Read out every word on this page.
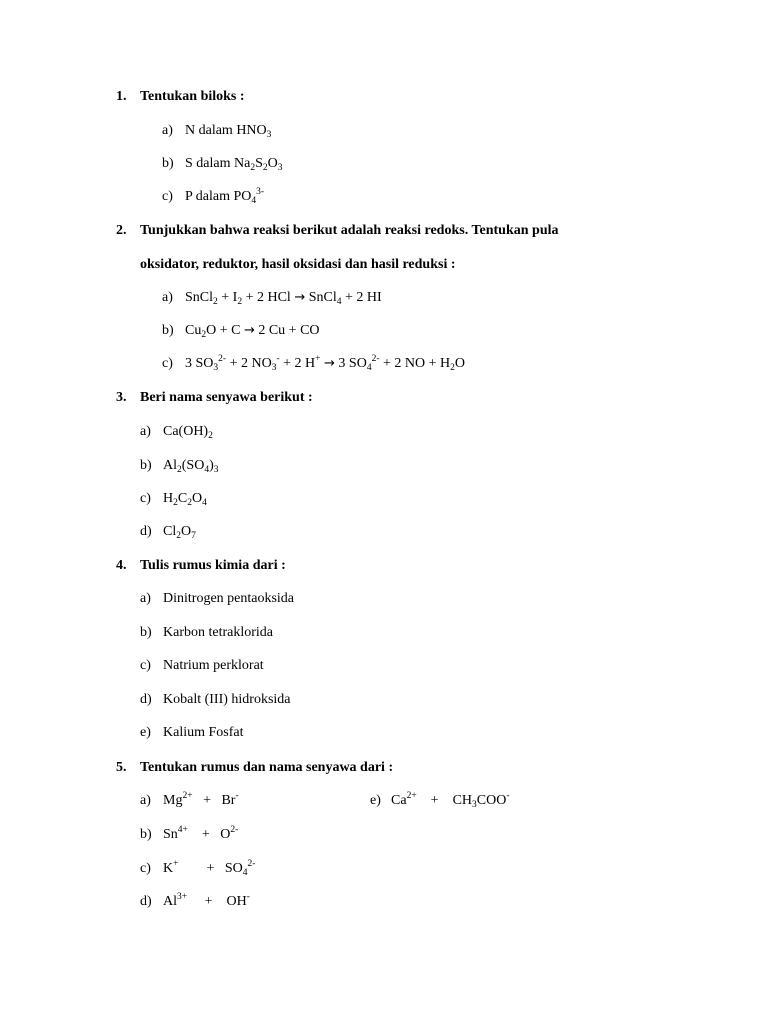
1. Tentukan biloks :
a) N dalam $HNO_3$
b) S dalam $Na_2S_2O_3$
c) P dalam $PO_4^{3-}$
2. Tunjukkan bahwa reaksi berikut adalah reaksi redoks. Tentukan pula
oksidator, reduktor, hasil oksidasi dan hasil reduksi :
a) SnCl$_2$ + $I_2 + 2$ HCl → SnCl$_4$ + 2 HI
b) $Cu_2O + C \to 2$ Cu + CO
c) 3 $SO_3^{2-} + 2$ $NO_3^- + 2$ H+ → 3 $SO_4^{2-} + 2$ NO + $H_2O$
3. Beri nama senyawa berikut :
a) $Ca(OH)_2$
b) $Al_2(SO_4)_3$
c) $H_2C_2O_4$
d) $Cl_2O_7$
4. Tulis rumus kimia dari :
a) Dinitrogen pentaoksida
b) Karbon tetraklorida
c) Natrium perklorat
d) Kobalt (III) hidroksida
e) Kalium Fosfat
5. Tentukan rumus dan nama senyawa dari :
a) $Mg^{2+} + Br^-$	e) $Ca^{2+}$    +    $CH_3COO^-$
b) $Sn^{4+}$    +   $O^{2-}$
c) K+        +   $SO_4^{2-}$
d) $Al^{3+}$     +    OH-
